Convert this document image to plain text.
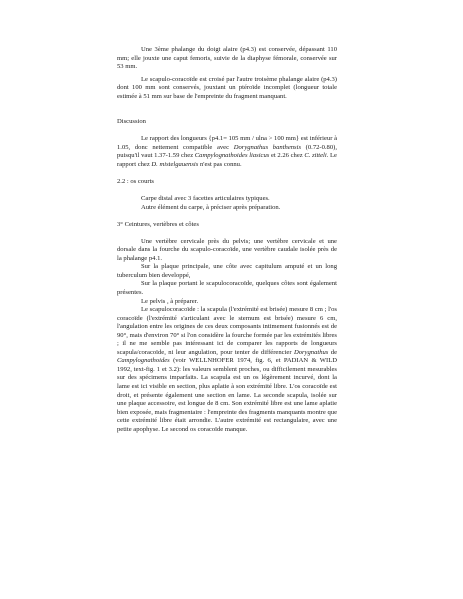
Une 3ème phalange du doigt alaire (p4.3) est conservée, dépassant 110 mm; elle jouxte une caput femoris, suivie de la diaphyse fémorale, conservée sur 53 mm.

Le scapulo-coracoïde est croisé par l'autre troisème phalange alaire (p4.3) dont 100 mm sont conservés, jouxtant un ptéroïde incomplet (longueur totale estimée à 51 mm sur base de l'empreinte du fragment manquant.

Discussion

Le rapport des longueurs {p4.1= 105 mm / ulna > 100 mm} est inférieur à 1.05, donc nettement compatible avec Dorygnathus banthensis (0.72-0.80), puisqu'il vaut 1.37-1.59 chez Campylognathoides liasicus et 2.26 chez C. zitteli. Le rapport chez D. mistelgauensis n'est pas connu.

2.2 : os courts

Carpe distal avec 3 facettes articulaires typiques.

Autre élément du carpe, à préciser après préparation.

3° Ceintures, vertèbres et côtes

Une vertèbre cervicale près du pelvis; une vertèbre cervicale et une dorsale dans la fourche du scapulo-coracoïde, une vertèbre caudale isolée près de la phalange p4.1.

Sur la plaque principale, une côte avec capitulum amputé et un long tuberculum bien developpé,

Sur la plaque portant le scapulocoracoïde, quelques côtes sont également présentes.

Le pelvis , à préparer.

Le scapulocoracoïde : la scapula (l'extrémité est brisée) mesure 8 cm ; l'os coracoïde (l'extrémité s'articulant avec le sternum est brisée) mesure 6 cm, l'angulation entre les origines de ces deux composants intimement fusionnés est de 90°, mais d'environ 70° si l'on considère la fourche formée par les extrémités libres ; il ne me semble pas intéressant ici de comparer les rapports de longueurs scapula/coracoïde, ni leur angulation, pour tenter de différencier Dorygnathus de Campylognathoides (voir WELLNHOFER 1974, fig. 6, et PADIAN & WILD 1992, text-fig. 1 et 3.2): les valeurs semblent proches, ou difficilement mesurables sur des spécimens imparfaits. La scapula est un os légèrement incurvé, dont la lame est ici visible en section, plus aplatie à son extrémité libre. L'os coracoïde est droit, et présente également une section en lame. La seconde scapula, isolée sur une plaque accessoire, est longue de 8 cm. Son extrémité libre est une lame aplatie bien exposée, mais fragmentaire : l'empreinte des fragments manquants montre que cette extrémité libre était arrondie. L'autre extrémité est rectangulaire, avec une petite apophyse. Le second os coracoïde manque.
